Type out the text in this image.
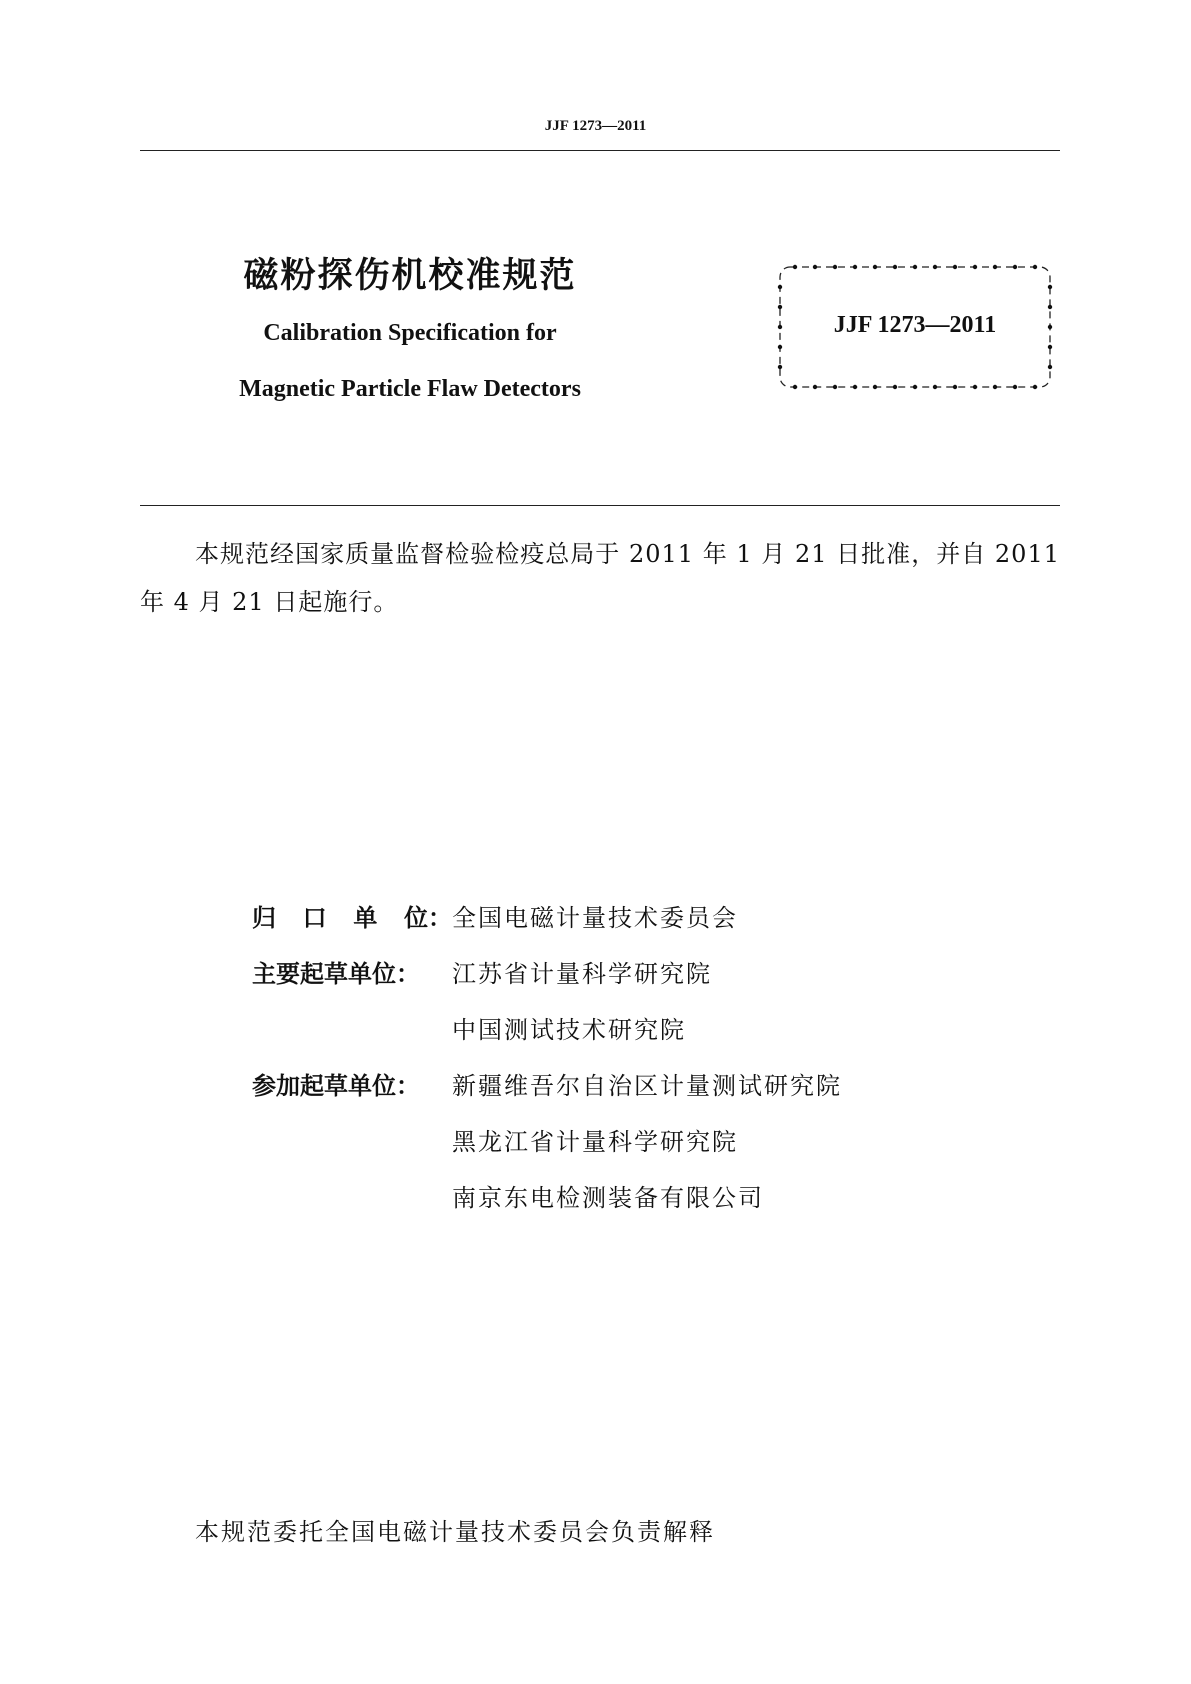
JJF 1273—2011
磁粉探伤机校准规范
Calibration Specification for
Magnetic Particle Flaw Detectors
JJF 1273—2011
本规范经国家质量监督检验检疫总局于 2011 年 1 月 21 日批准，并自 2011 年 4 月 21 日起施行。
归 口 单 位 ： 全国电磁计量技术委员会
主要起草单位：	江苏省计量科学研究院
中国测试技术研究院
参加起草单位：	新疆维吾尔自治区计量测试研究院
黑龙江省计量科学研究院
南京东电检测装备有限公司
本规范委托全国电磁计量技术委员会负责解释
